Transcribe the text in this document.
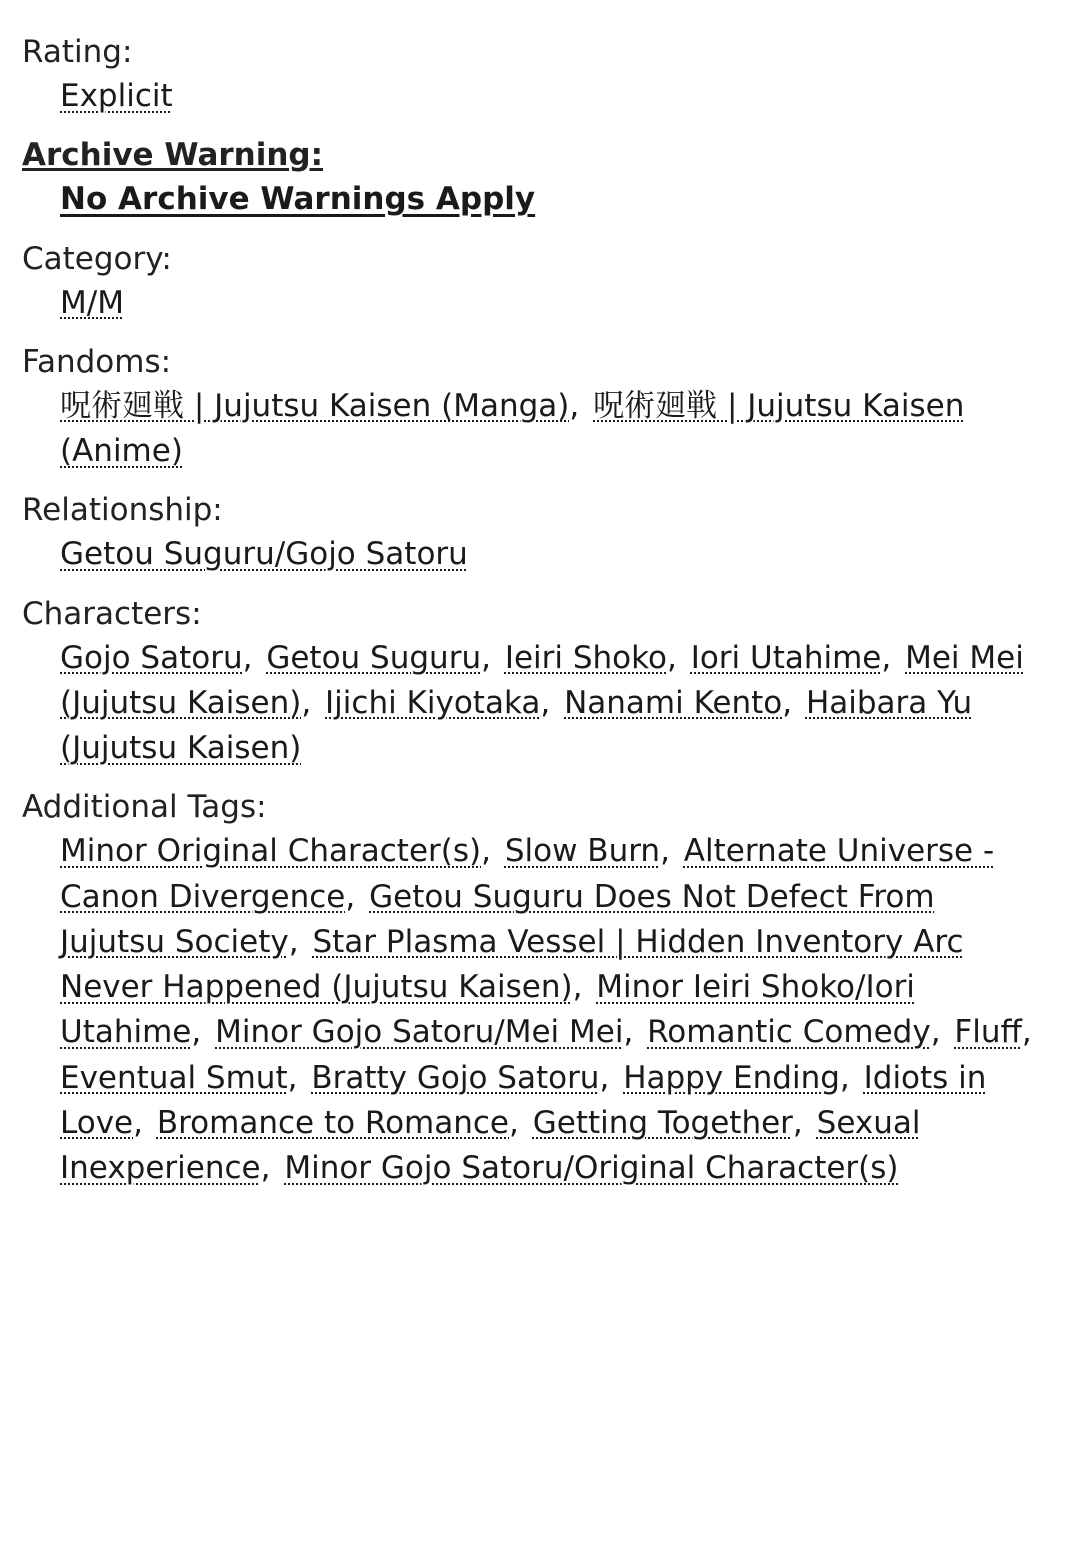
Rating:
Explicit
Archive Warning:
No Archive Warnings Apply
Category:
M/M
Fandoms:
呪術廻戦 | Jujutsu Kaisen (Manga), 呪術廻戦 | Jujutsu Kaisen (Anime)
Relationship:
Getou Suguru/Gojo Satoru
Characters:
Gojo Satoru, Getou Suguru, Ieiri Shoko, Iori Utahime, Mei Mei (Jujutsu Kaisen), Ijichi Kiyotaka, Nanami Kento, Haibara Yu (Jujutsu Kaisen)
Additional Tags:
Minor Original Character(s), Slow Burn, Alternate Universe - Canon Divergence, Getou Suguru Does Not Defect From Jujutsu Society, Star Plasma Vessel | Hidden Inventory Arc Never Happened (Jujutsu Kaisen), Minor Ieiri Shoko/Iori Utahime, Minor Gojo Satoru/Mei Mei, Romantic Comedy, Fluff, Eventual Smut, Bratty Gojo Satoru, Happy Ending, Idiots in Love, Bromance to Romance, Getting Together, Sexual Inexperience, Minor Gojo Satoru/Original Character(s)
